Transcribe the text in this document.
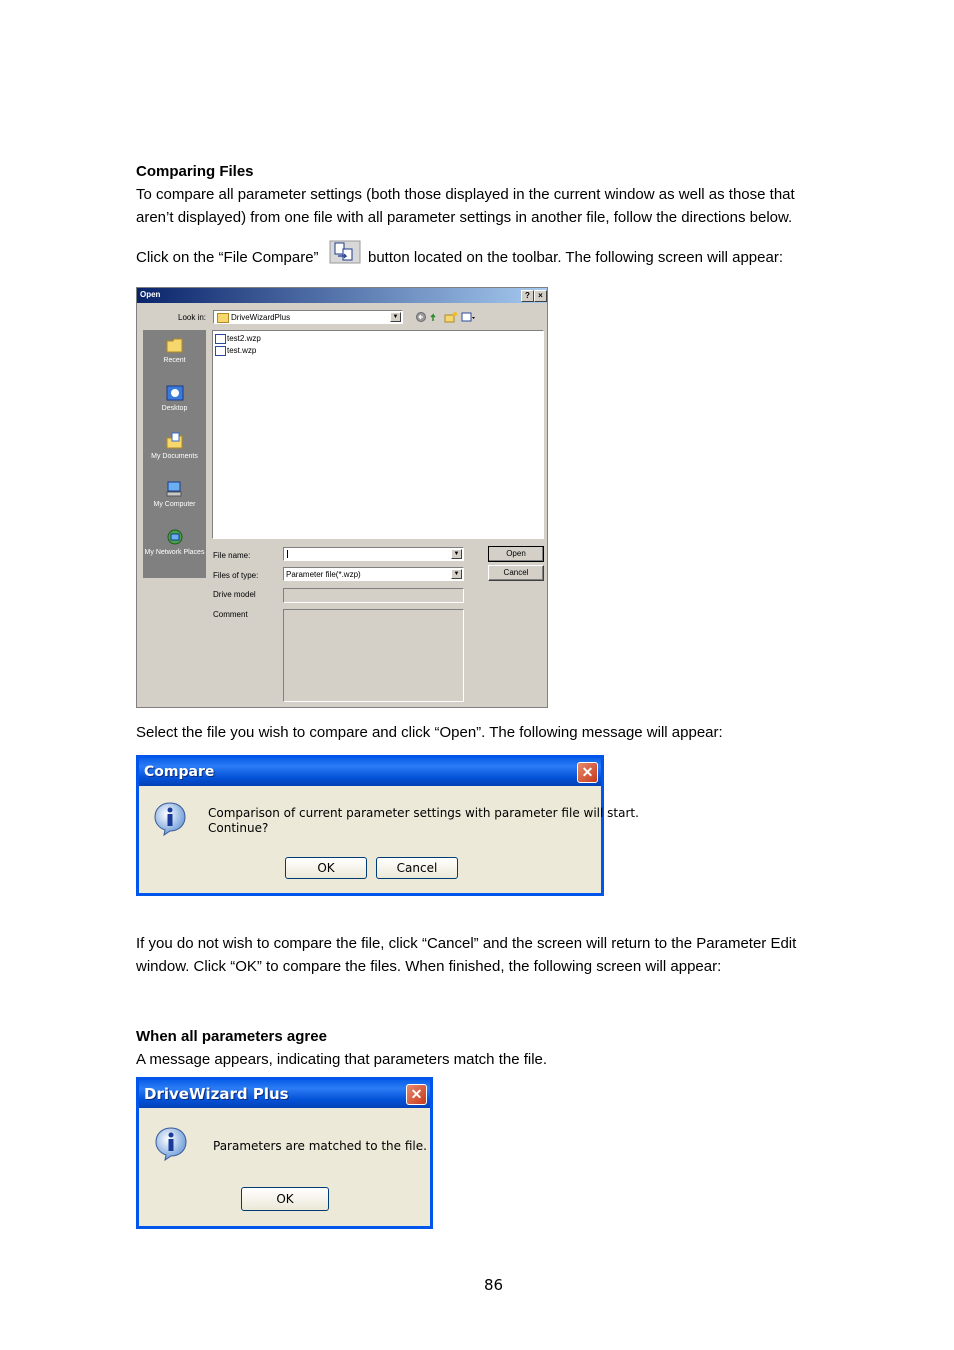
Comparing Files

To compare all parameter settings (both those displayed in the current window as well as those that

aren’t displayed) from one file with all parameter settings in another file, follow the directions below.

Click on the “File Compare”	button located on the toolbar. The following screen will appear:

Open	?	×
Look in:	DriveWizardPlus	▼
Recent
Desktop
My Documents
My Computer
My Network Places
test2.wzp
test.wzp
File name:	▼	Open
Files of type:	Parameter file(*.wzp)	▼	Cancel
Drive model
Comment

Select the file you wish to compare and click “Open”. The following message will appear:

Compare	✕
Comparison of current parameter settings with parameter file will start.
Continue?
OK	Cancel

If you do not wish to compare the file, click “Cancel” and the screen will return to the Parameter Edit

window. Click “OK” to compare the files. When finished, the following screen will appear:

When all parameters agree

A message appears, indicating that parameters match the file.

DriveWizard Plus	✕
Parameters are matched to the file.
OK
86
